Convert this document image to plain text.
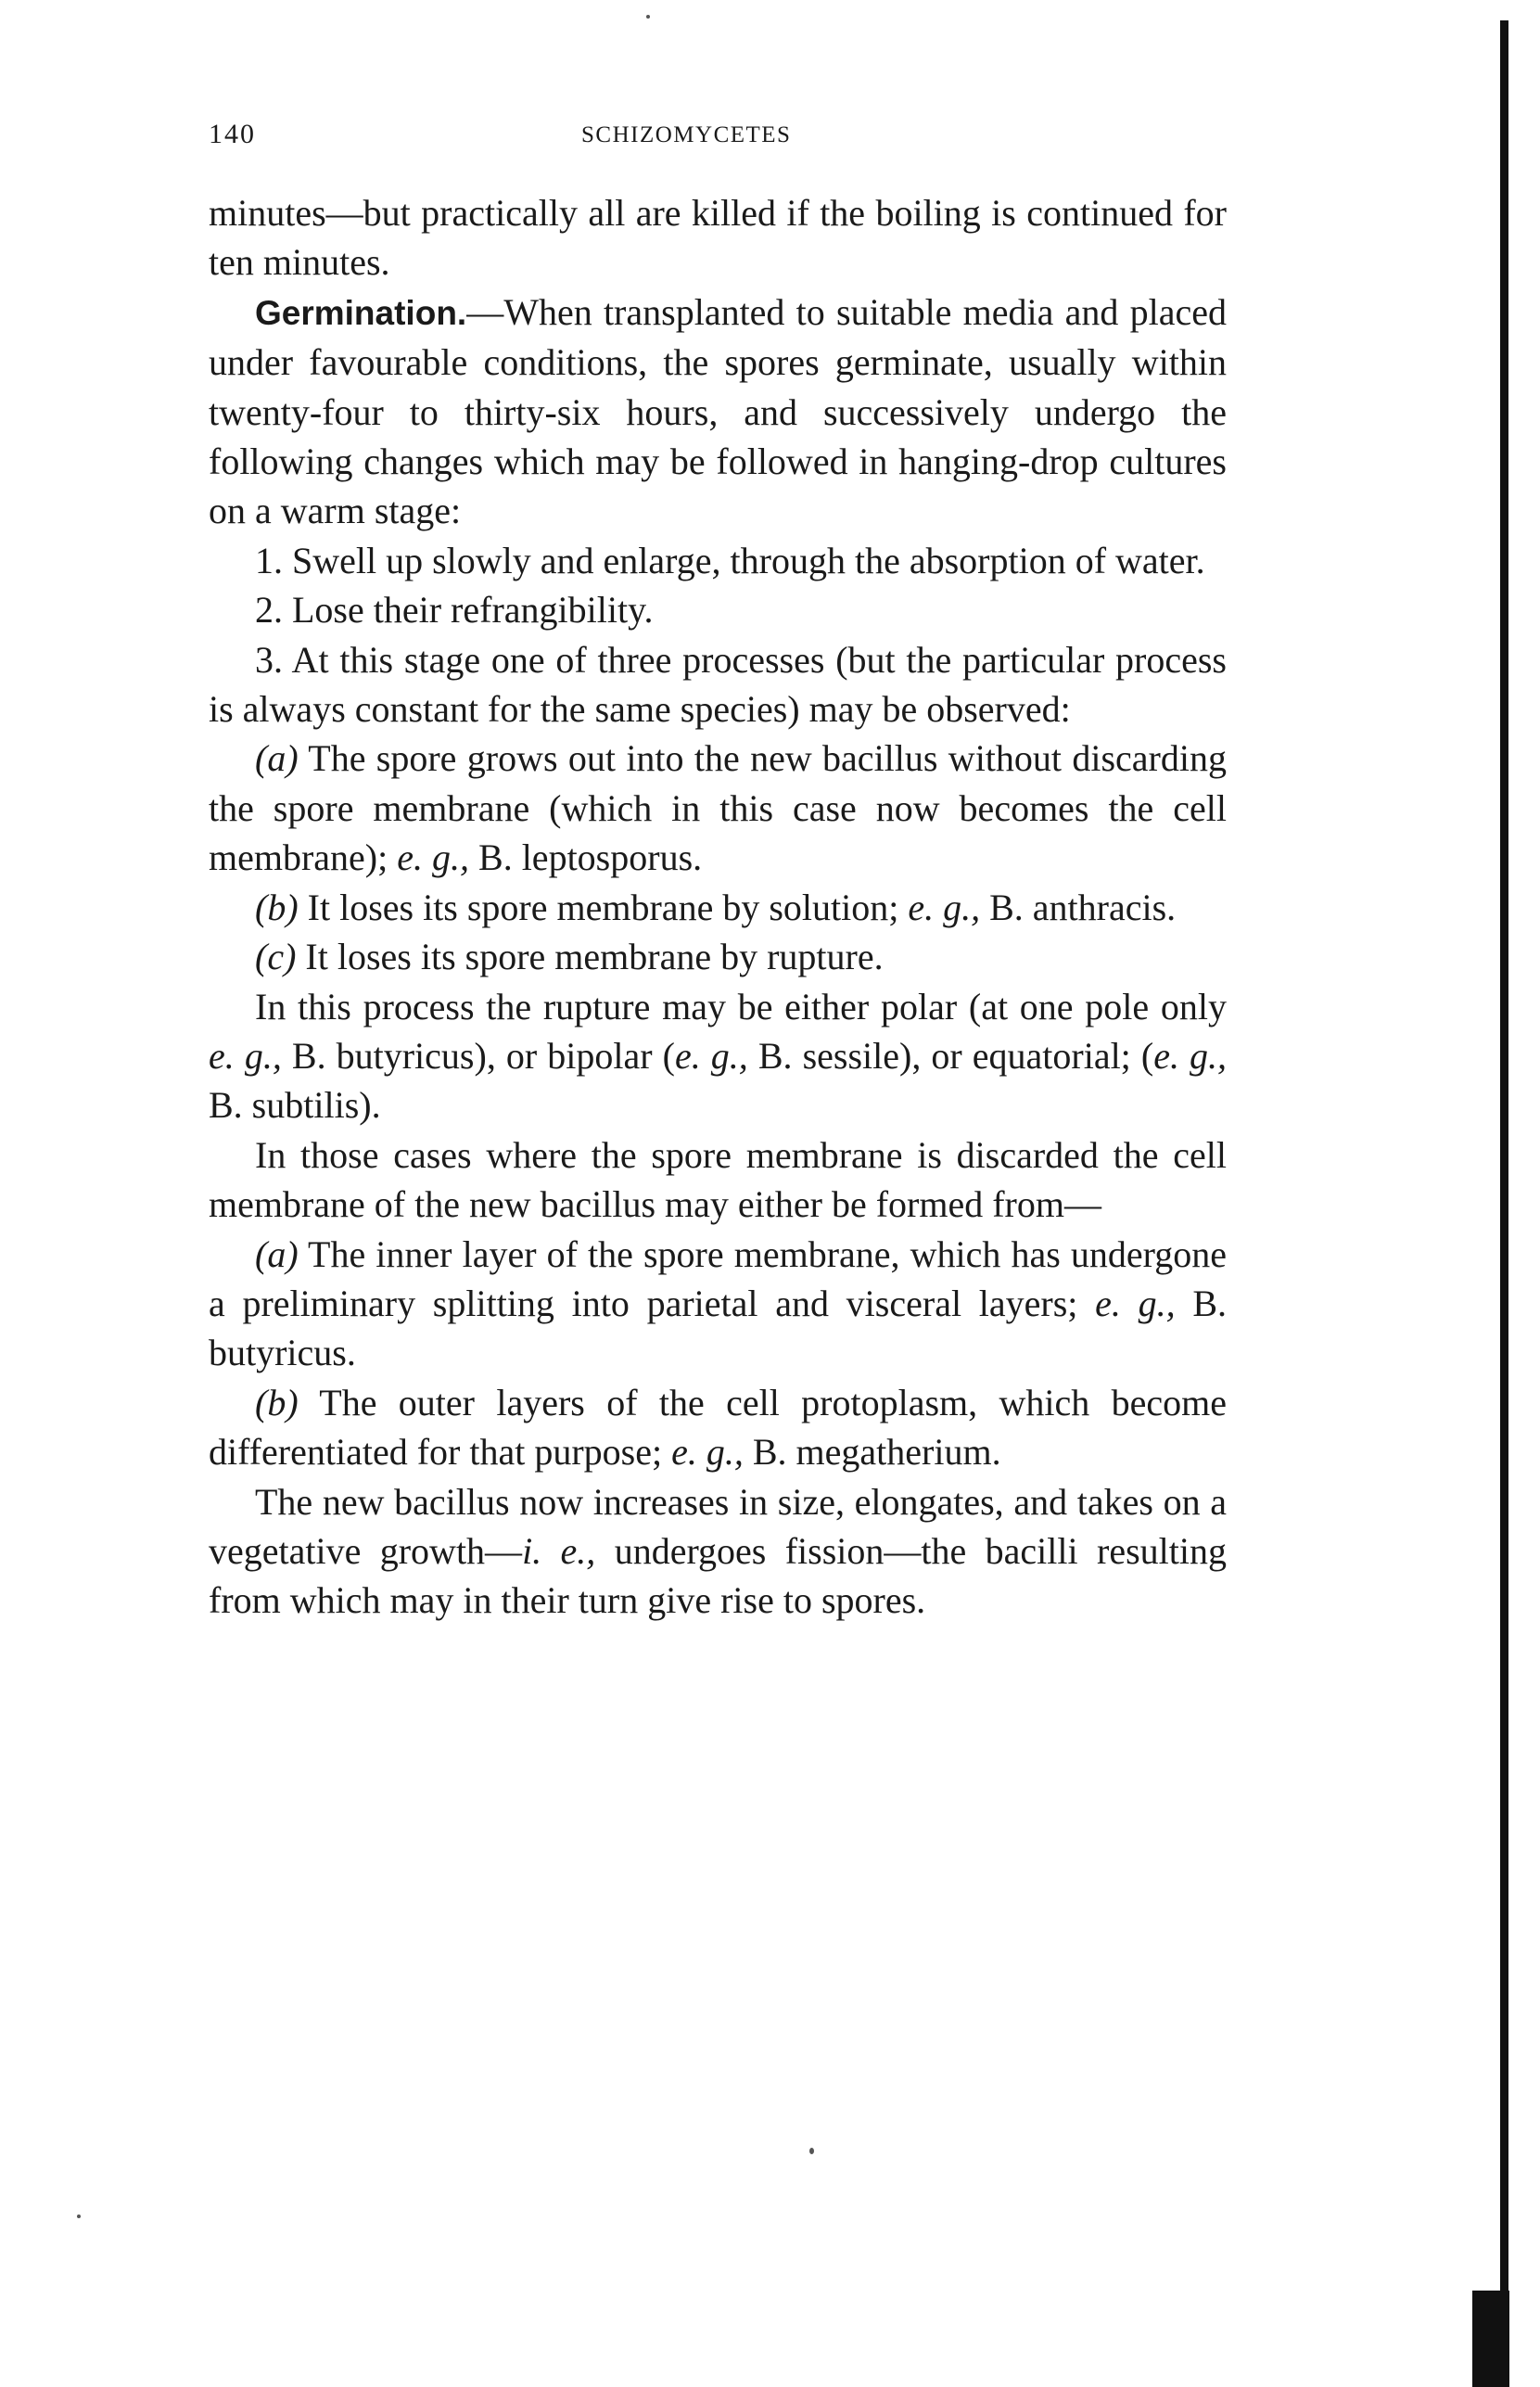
140	SCHIZOMYCETES

minutes—but practically all are killed if the boiling is continued for ten minutes.

Germination.—When transplanted to suitable media and placed under favourable conditions, the spores germinate, usually within twenty-four to thirty-six hours, and successively undergo the following changes which may be followed in hanging-drop cultures on a warm stage:

1. Swell up slowly and enlarge, through the absorption of water.

2. Lose their refrangibility.

3. At this stage one of three processes (but the particular process is always constant for the same species) may be observed:

(a) The spore grows out into the new bacillus without discarding the spore membrane (which in this case now becomes the cell membrane); e. g., B. leptosporus.

(b) It loses its spore membrane by solution; e. g., B. anthracis.

(c) It loses its spore membrane by rupture.

In this process the rupture may be either polar (at one pole only e. g., B. butyricus), or bipolar (e. g., B. sessile), or equatorial; (e. g., B. subtilis).

In those cases where the spore membrane is discarded the cell membrane of the new bacillus may either be formed from—

(a) The inner layer of the spore membrane, which has undergone a preliminary splitting into parietal and visceral layers; e. g., B. butyricus.

(b) The outer layers of the cell protoplasm, which become differentiated for that purpose; e. g., B. megatherium.

The new bacillus now increases in size, elongates, and takes on a vegetative growth—i. e., undergoes fission—the bacilli resulting from which may in their turn give rise to spores.
